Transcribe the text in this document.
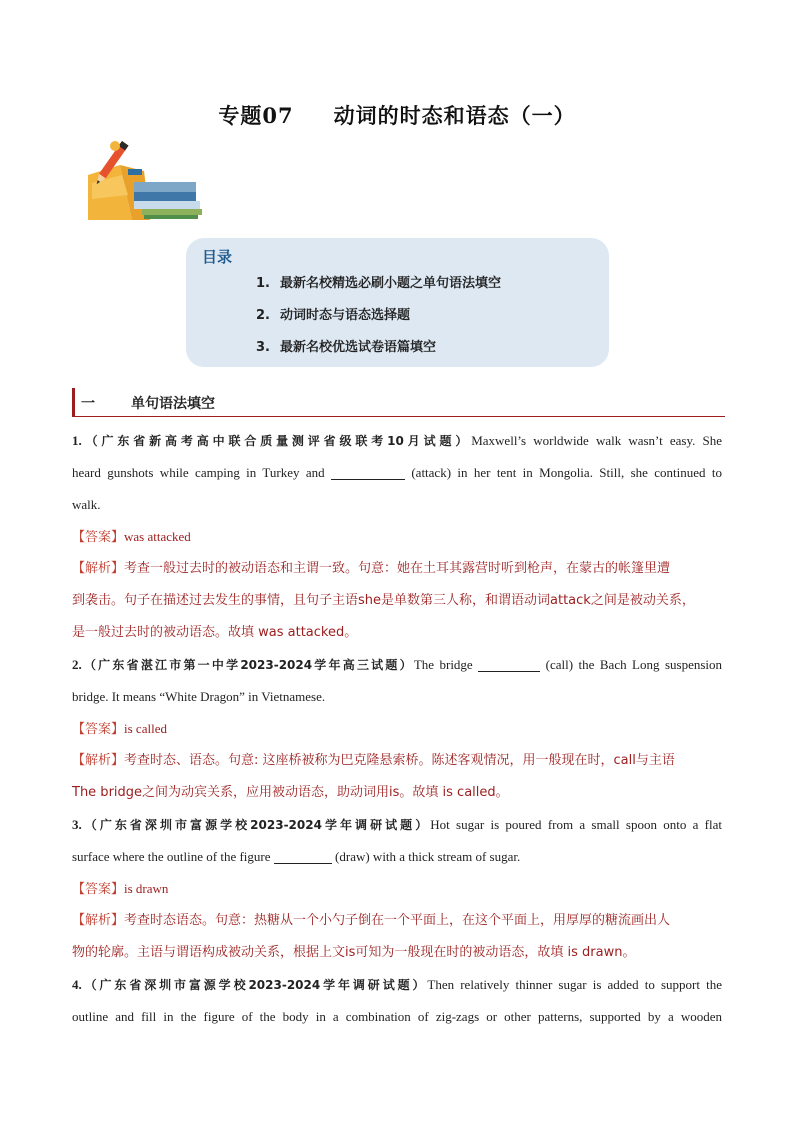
专题07 动词的时态和语态（一）
目录
1. 最新名校精选必刷小题之单句语法填空
2. 动词时态与语态选择题
3. 最新名校优选试卷语篇填空
一	单句语法填空
1.（广东省新高考高中联合质量测评省级联考10月试题）Maxwell’s worldwide walk wasn’t easy. She
heard gunshots while camping in Turkey and	(attack) in her tent in Mongolia. Still, she continued to
walk.
【答案】was attacked
【解析】考查一般过去时的被动语态和主谓一致。句意：她在土耳其露营时听到枪声，在蒙古的帐篷里遭
到袭击。句子在描述过去发生的事情，且句子主语she是单数第三人称，和谓语动词attack之间是被动关系，
是一般过去时的被动语态。故填 was attacked。
2.（广东省湛江市第一中学2023-2024学年高三试题）The bridge	(call) the Bach Long suspension
bridge. It means “White Dragon” in Vietnamese.
【答案】is called
【解析】考查时态、语态。句意: 这座桥被称为巴克隆悬索桥。陈述客观情况，用一般现在时，call与主语
The bridge之间为动宾关系，应用被动语态，助动词用is。故填 is called。
3.（广东省深圳市富源学校2023-2024学年调研试题）Hot sugar is poured from a small spoon onto a flat
surface where the outline of the figure	(draw) with a thick stream of sugar.
【答案】is drawn
【解析】考查时态语态。句意：热糖从一个小勺子倒在一个平面上，在这个平面上，用厚厚的糖流画出人
物的轮廓。主语与谓语构成被动关系，根据上文is可知为一般现在时的被动语态，故填 is drawn。
4.（广东省深圳市富源学校2023-2024学年调研试题）Then relatively thinner sugar is added to support the
outline and fill in the figure of the body in a combination of zig-zags or other patterns, supported by a wooden
